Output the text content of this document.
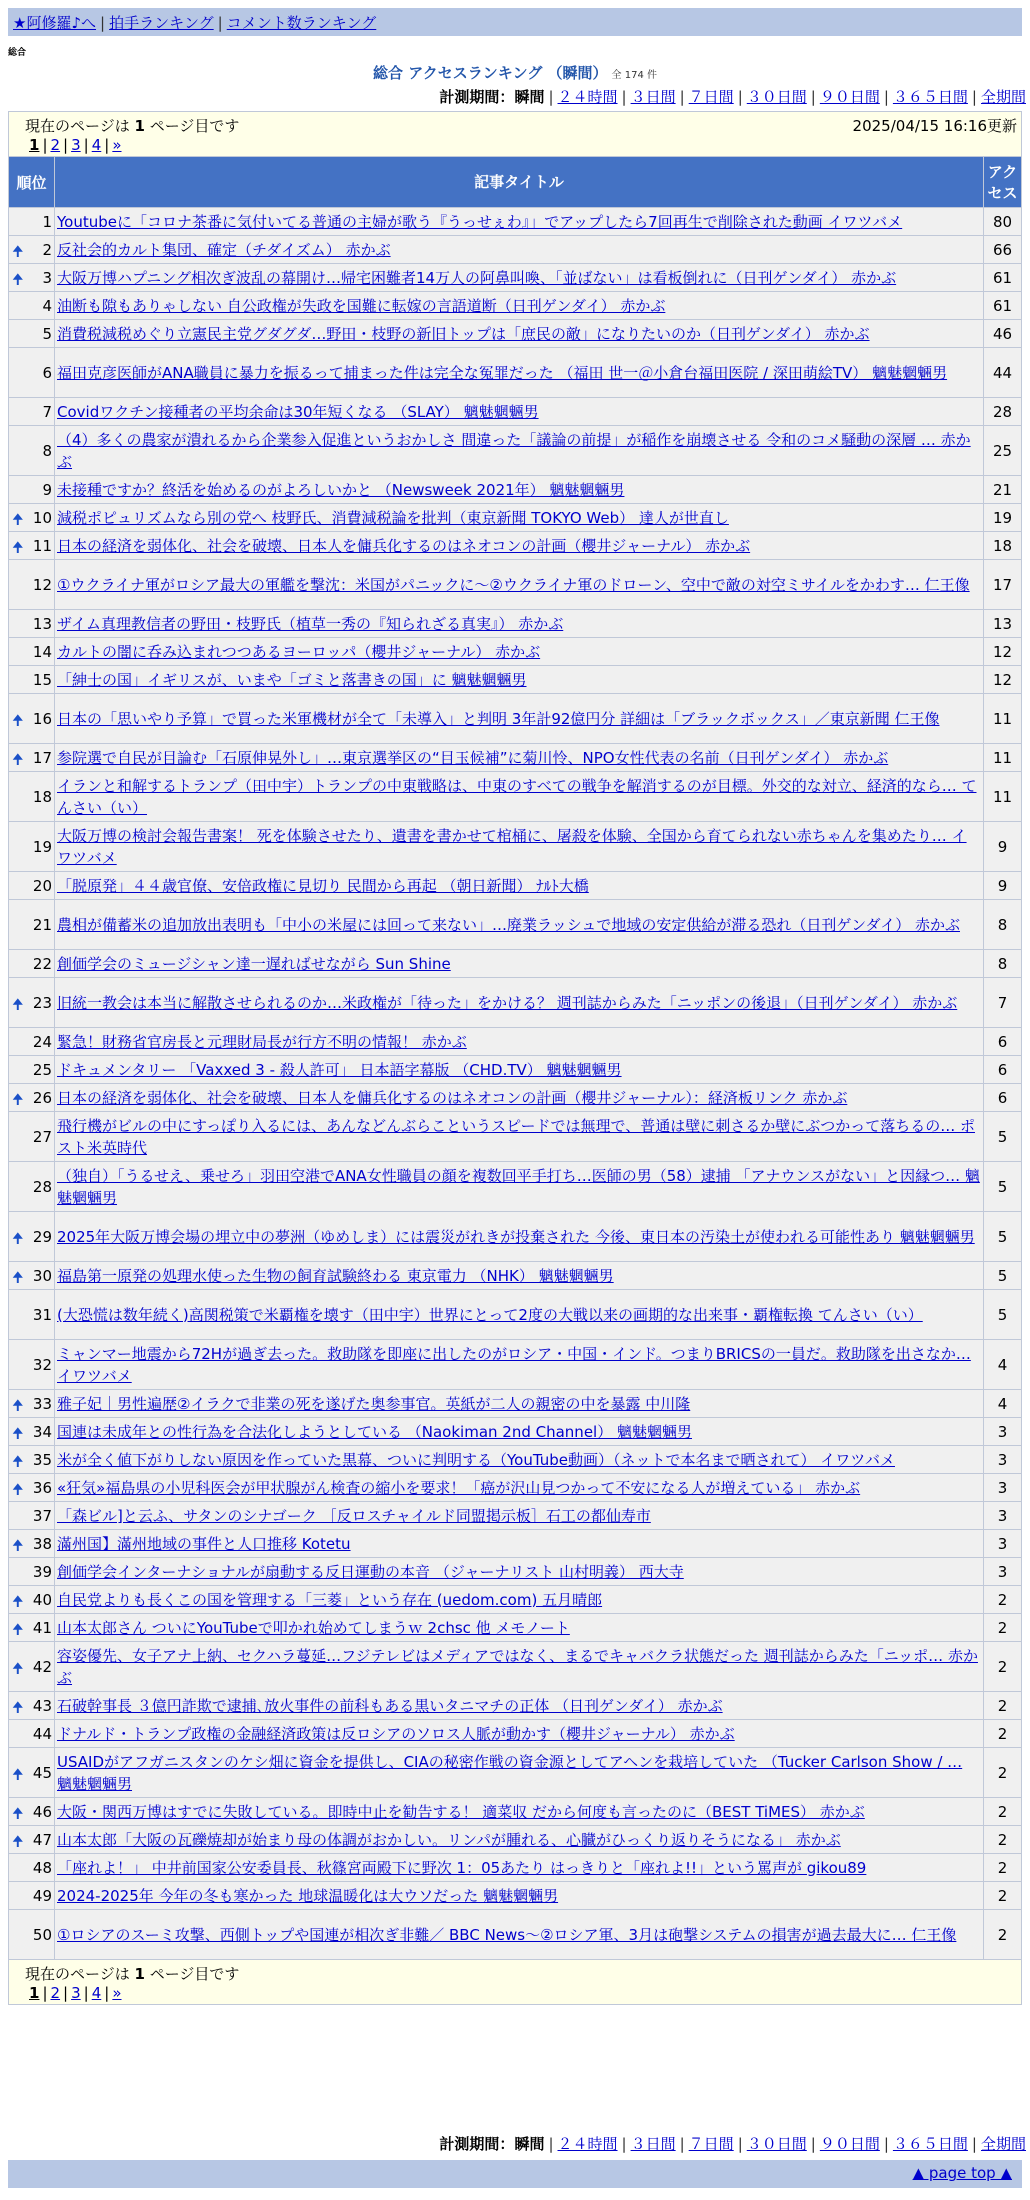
★阿修羅♪へ | 拍手ランキング | コメント数ランキング
総合
総合 アクセスランキング （瞬間） 全 174 件
計測期間：瞬間 | ２４時間 | ３日間 | ７日間 | ３０日間 | ９０日間 | ３６５日間 | 全期間
現在のページは 1 ページ目です 2025/04/15 16:16更新
1 | 2 | 3 | 4 | »		

順位	記事タイトル	アクセス
1	Youtubeに「コロナ茶番に気付いてる普通の主婦が歌う『うっせぇわ』」でアップしたら7回再生で削除された動画 イワツバメ	80

🠉 2	反社会的カルト集団、確定（チダイズム） 赤かぶ	66

🠉 3	大阪万博ハプニング相次ぎ波乱の幕開け…帰宅困難者14万人の阿鼻叫喚、「並ばない」は看板倒れに（日刊ゲンダイ） 赤かぶ	61
4	油断も隙もありゃしない 自公政権が失政を国難に転嫁の言語道断（日刊ゲンダイ） 赤かぶ	61
5	消費税減税めぐり立憲民主党グダグダ…野田・枝野の新旧トップは「庶民の敵」になりたいのか（日刊ゲンダイ） 赤かぶ	46
6	福田克彦医師がANA職員に暴力を振るって捕まった件は完全な冤罪だった （福田 世一＠小倉台福田医院 / 深田萌絵TV） 魑魅魍魎男	44
7	Covidワクチン接種者の平均余命は30年短くなる （SLAY） 魑魅魍魎男	28
8	（4）多くの農家が潰れるから企業参入促進というおかしさ 間違った「議論の前提」が稲作を崩壊させる 令和のコメ騒動の深層 … 赤かぶ	25
9	未接種ですか？終活を始めるのがよろしいかと （Newsweek 2021年） 魑魅魍魎男	21

🠉 10	減税ポピュリズムなら別の党へ 枝野氏、消費減税論を批判（東京新聞 TOKYO Web） 達人が世直し	19

🠉 11	日本の経済を弱体化、社会を破壊、日本人を傭兵化するのはネオコンの計画（櫻井ジャーナル） 赤かぶ	18
12	①ウクライナ軍がロシア最大の軍艦を撃沈：米国がパニックに〜②ウクライナ軍のドローン、空中で敵の対空ミサイルをかわす… 仁王像	17
13	ザイム真理教信者の野田・枝野氏（植草一秀の『知られざる真実』） 赤かぶ	13
14	カルトの闇に呑み込まれつつあるヨーロッパ（櫻井ジャーナル） 赤かぶ	12
15	「紳士の国」イギリスが、いまや「ゴミと落書きの国」に 魑魅魍魎男	12

🠉 16	日本の「思いやり予算」で買った米軍機材が全て「未導入」と判明 3年計92億円分 詳細は「ブラックボックス」／東京新聞 仁王像	11

🠉 17	参院選で自民が目論む「石原伸晃外し」…東京選挙区の“目玉候補”に菊川怜、NPO女性代表の名前（日刊ゲンダイ） 赤かぶ	11
18	イランと和解するトランプ（田中宇）トランプの中東戦略は、中東のすべての戦争を解消するのが目標。外交的な対立、経済的なら… てんさい（い）	11
19	大阪万博の検討会報告書案！ 死を体験させたり、遺書を書かせて棺桶に、屠殺を体験、全国から育てられない赤ちゃんを集めたり… イワツバメ	9
20	「脱原発」４４歳官僚、安倍政権に見切り 民間から再起 （朝日新聞） ﾅﾙﾄ大橋	9
21	農相が備蓄米の追加放出表明も「中小の米屋には回って来ない」…廃業ラッシュで地域の安定供給が滞る恐れ（日刊ゲンダイ） 赤かぶ	8
22	創価学会のミュージシャン達一遅ればせながら Sun Shine	8

🠉 23	旧統一教会は本当に解散させられるのか…米政権が「待った」をかける？ 週刊誌からみた「ニッポンの後退」（日刊ゲンダイ） 赤かぶ	7
24	緊急！財務省官房長と元理財局長が行方不明の情報！ 赤かぶ	6
25	ドキュメンタリー 「Vaxxed 3 - 殺人許可」 日本語字幕版 （CHD.TV） 魑魅魍魎男	6

🠉 26	日本の経済を弱体化、社会を破壊、日本人を傭兵化するのはネオコンの計画（櫻井ジャーナル）：経済板リンク 赤かぶ	6
27	飛行機がビルの中にすっぽり入るには、あんなどんぶらこというスピードでは無理で、普通は壁に刺さるか壁にぶつかって落ちるの… ポスト米英時代	5
28	（独自）「うるせえ、乗せろ」羽田空港でANA女性職員の顔を複数回平手打ち…医師の男（58）逮捕 「アナウンスがない」と因縁つ… 魑魅魍魎男	5

🠉 29	2025年大阪万博会場の埋立中の夢洲（ゆめしま）には震災がれきが投棄された 今後、東日本の汚染土が使われる可能性あり 魑魅魍魎男	5

🠉 30	福島第一原発の処理水使った生物の飼育試験終わる 東京電力 （NHK） 魑魅魍魎男	5
31	(大恐慌は数年続く)高関税策で米覇権を壊す（田中宇）世界にとって2度の大戦以来の画期的な出来事・覇権転換 てんさい（い）	5
32	ミャンマー地震から72Hが過ぎ去った。救助隊を即座に出したのがロシア・中国・インド。つまりBRICSの一員だ。救助隊を出さなか… イワツバメ	4

🠉 33	雅子妃｜男性遍歴②イラクで非業の死を遂げた奥参事官。英紙が二人の親密の中を暴露 中川隆	4

🠉 34	国連は未成年との性行為を合法化しようとしている （Naokiman 2nd Channel） 魑魅魍魎男	3

🠉 35	米が全く値下がりしない原因を作っていた黒幕、ついに判明する（YouTube動画）（ネットで本名まで晒されて） イワツバメ	3

🠉 36	«狂気»福島県の小児科医会が甲状腺がん検査の縮小を要求！「癌が沢山見つかって不安になる人が増えている」 赤かぶ	3
37	「森ビル]と云ふ、サタンのシナゴーク ［反ロスチャイルド同盟掲示板］石工の都仙寿市	3

🠉 38	滿州国】滿州地域の事件と人口推移 Kotetu	3
39	創価学会インターナショナルが扇動する反日運動の本音 （ジャーナリスト 山村明義） 西大寺	3

🠉 40	自民党よりも長くこの国を管理する「三菱」という存在 (uedom.com) 五月晴郎	2

🠉 41	山本太郎さん ついにYouTubeで叩かれ始めてしまうｗ 2chsc 他 メモノート	2

🠉 42	容姿優先、女子アナ上納、セクハラ蔓延…フジテレビはメディアではなく、まるでキャバクラ状態だった 週刊誌からみた「ニッポ… 赤かぶ	2

🠉 43	石破幹事長 ３億円詐欺で逮捕､放火事件の前科もある黒いタニマチの正体 （日刊ゲンダイ） 赤かぶ	2
44	ドナルド・トランプ政権の金融経済政策は反ロシアのソロス人脈が動かす（櫻井ジャーナル） 赤かぶ	2

🠉 45	USAIDがアフガニスタンのケシ畑に資金を提供し、CIAの秘密作戦の資金源としてアヘンを栽培していた （Tucker Carlson Show / … 魑魅魍魎男	2

🠉 46	大阪・関西万博はすでに失敗している。即時中止を勧告する！ 適菜収 だから何度も言ったのに（BEST TiMES） 赤かぶ	2

🠉 47	山本太郎「大阪の瓦礫焼却が始まり母の体調がおかしい。リンパが腫れる、心臓がひっくり返りそうになる」 赤かぶ	2
48	「座れよ！」 中井前国家公安委員長、秋篠宮両殿下に野次 1：05あたり はっきりと「座れよ!!」という罵声が gikou89	2
49	2024-2025年 今年の冬も寒かった 地球温暖化は大ウソだった 魑魅魍魎男	2
50	①ロシアのスーミ攻撃、西側トップや国連が相次ぎ非難／ BBC News〜②ロシア軍、3月は砲撃システムの損害が過去最大に… 仁王像	2

現在のページは 1 ページ目です
1 | 2 | 3 | 4 | »		
計測期間：瞬間 | ２４時間 | ３日間 | ７日間 | ３０日間 | ９０日間 | ３６５日間 | 全期間
▲ page top ▲
